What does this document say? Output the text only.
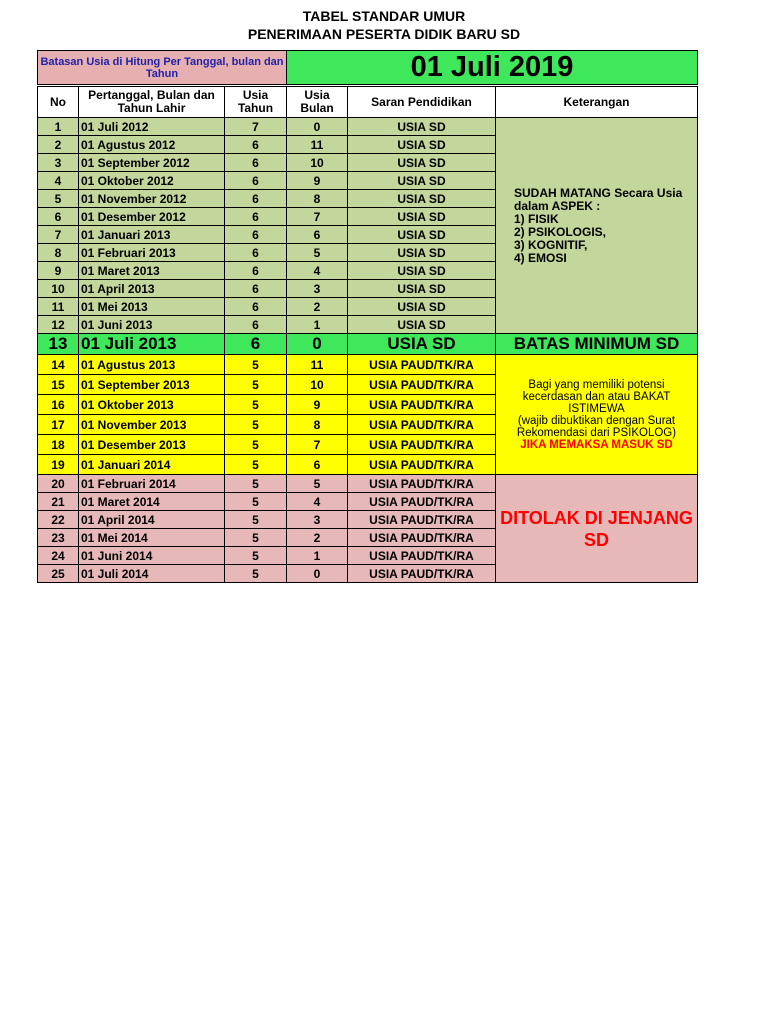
TABEL STANDAR UMUR
PENERIMAAN PESERTA DIDIK BARU SD
Batasan Usia di Hitung Per Tanggal, bulan dan Tahun	01 Juli 2019
No	Pertanggal, Bulan dan Tahun Lahir	Usia Tahun	Usia Bulan	Saran Pendidikan	Keterangan
1	01 Juli 2012	7	0	USIA SD	SUDAH MATANG Secara Usia dalam ASPEK :
1) FISIK
2) PSIKOLOGIS,
3) KOGNITIF,
4) EMOSI

2	01 Agustus 2012	6	11	USIA SD	
3	01 September 2012	6	10	USIA SD	
4	01 Oktober 2012	6	9	USIA SD	
5	01 November 2012	6	8	USIA SD	
6	01 Desember 2012	6	7	USIA SD	
7	01 Januari 2013	6	6	USIA SD	
8	01 Februari 2013	6	5	USIA SD	
9	01 Maret 2013	6	4	USIA SD	
10	01 April 2013	6	3	USIA SD	
11	01 Mei 2013	6	2	USIA SD	
12	01 Juni 2013	6	1	USIA SD	
13	01 Juli 2013	6	0	USIA SD	BATAS MINIMUM SD
14	01 Agustus 2013	5	11	USIA PAUD/TK/RA	Bagi yang memiliki potensi kecerdasan dan atau BAKAT ISTIMEWA
(wajib dibuktikan dengan Surat Rekomendasi dari PSIKOLOG)
JIKA MEMAKSA MASUK SD

15	01 September 2013	5	10	USIA PAUD/TK/RA	
16	01 Oktober 2013	5	9	USIA PAUD/TK/RA	
17	01 November 2013	5	8	USIA PAUD/TK/RA	
18	01 Desember 2013	5	7	USIA PAUD/TK/RA	
19	01 Januari 2014	5	6	USIA PAUD/TK/RA	
20	01 Februari 2014	5	5	USIA PAUD/TK/RA	DITOLAK DI JENJANG SD
21	01 Maret 2014	5	4	USIA PAUD/TK/RA	
22	01 April 2014	5	3	USIA PAUD/TK/RA	
23	01 Mei 2014	5	2	USIA PAUD/TK/RA	
24	01 Juni 2014	5	1	USIA PAUD/TK/RA	
25	01 Juli 2014	5	0	USIA PAUD/TK/RA	
